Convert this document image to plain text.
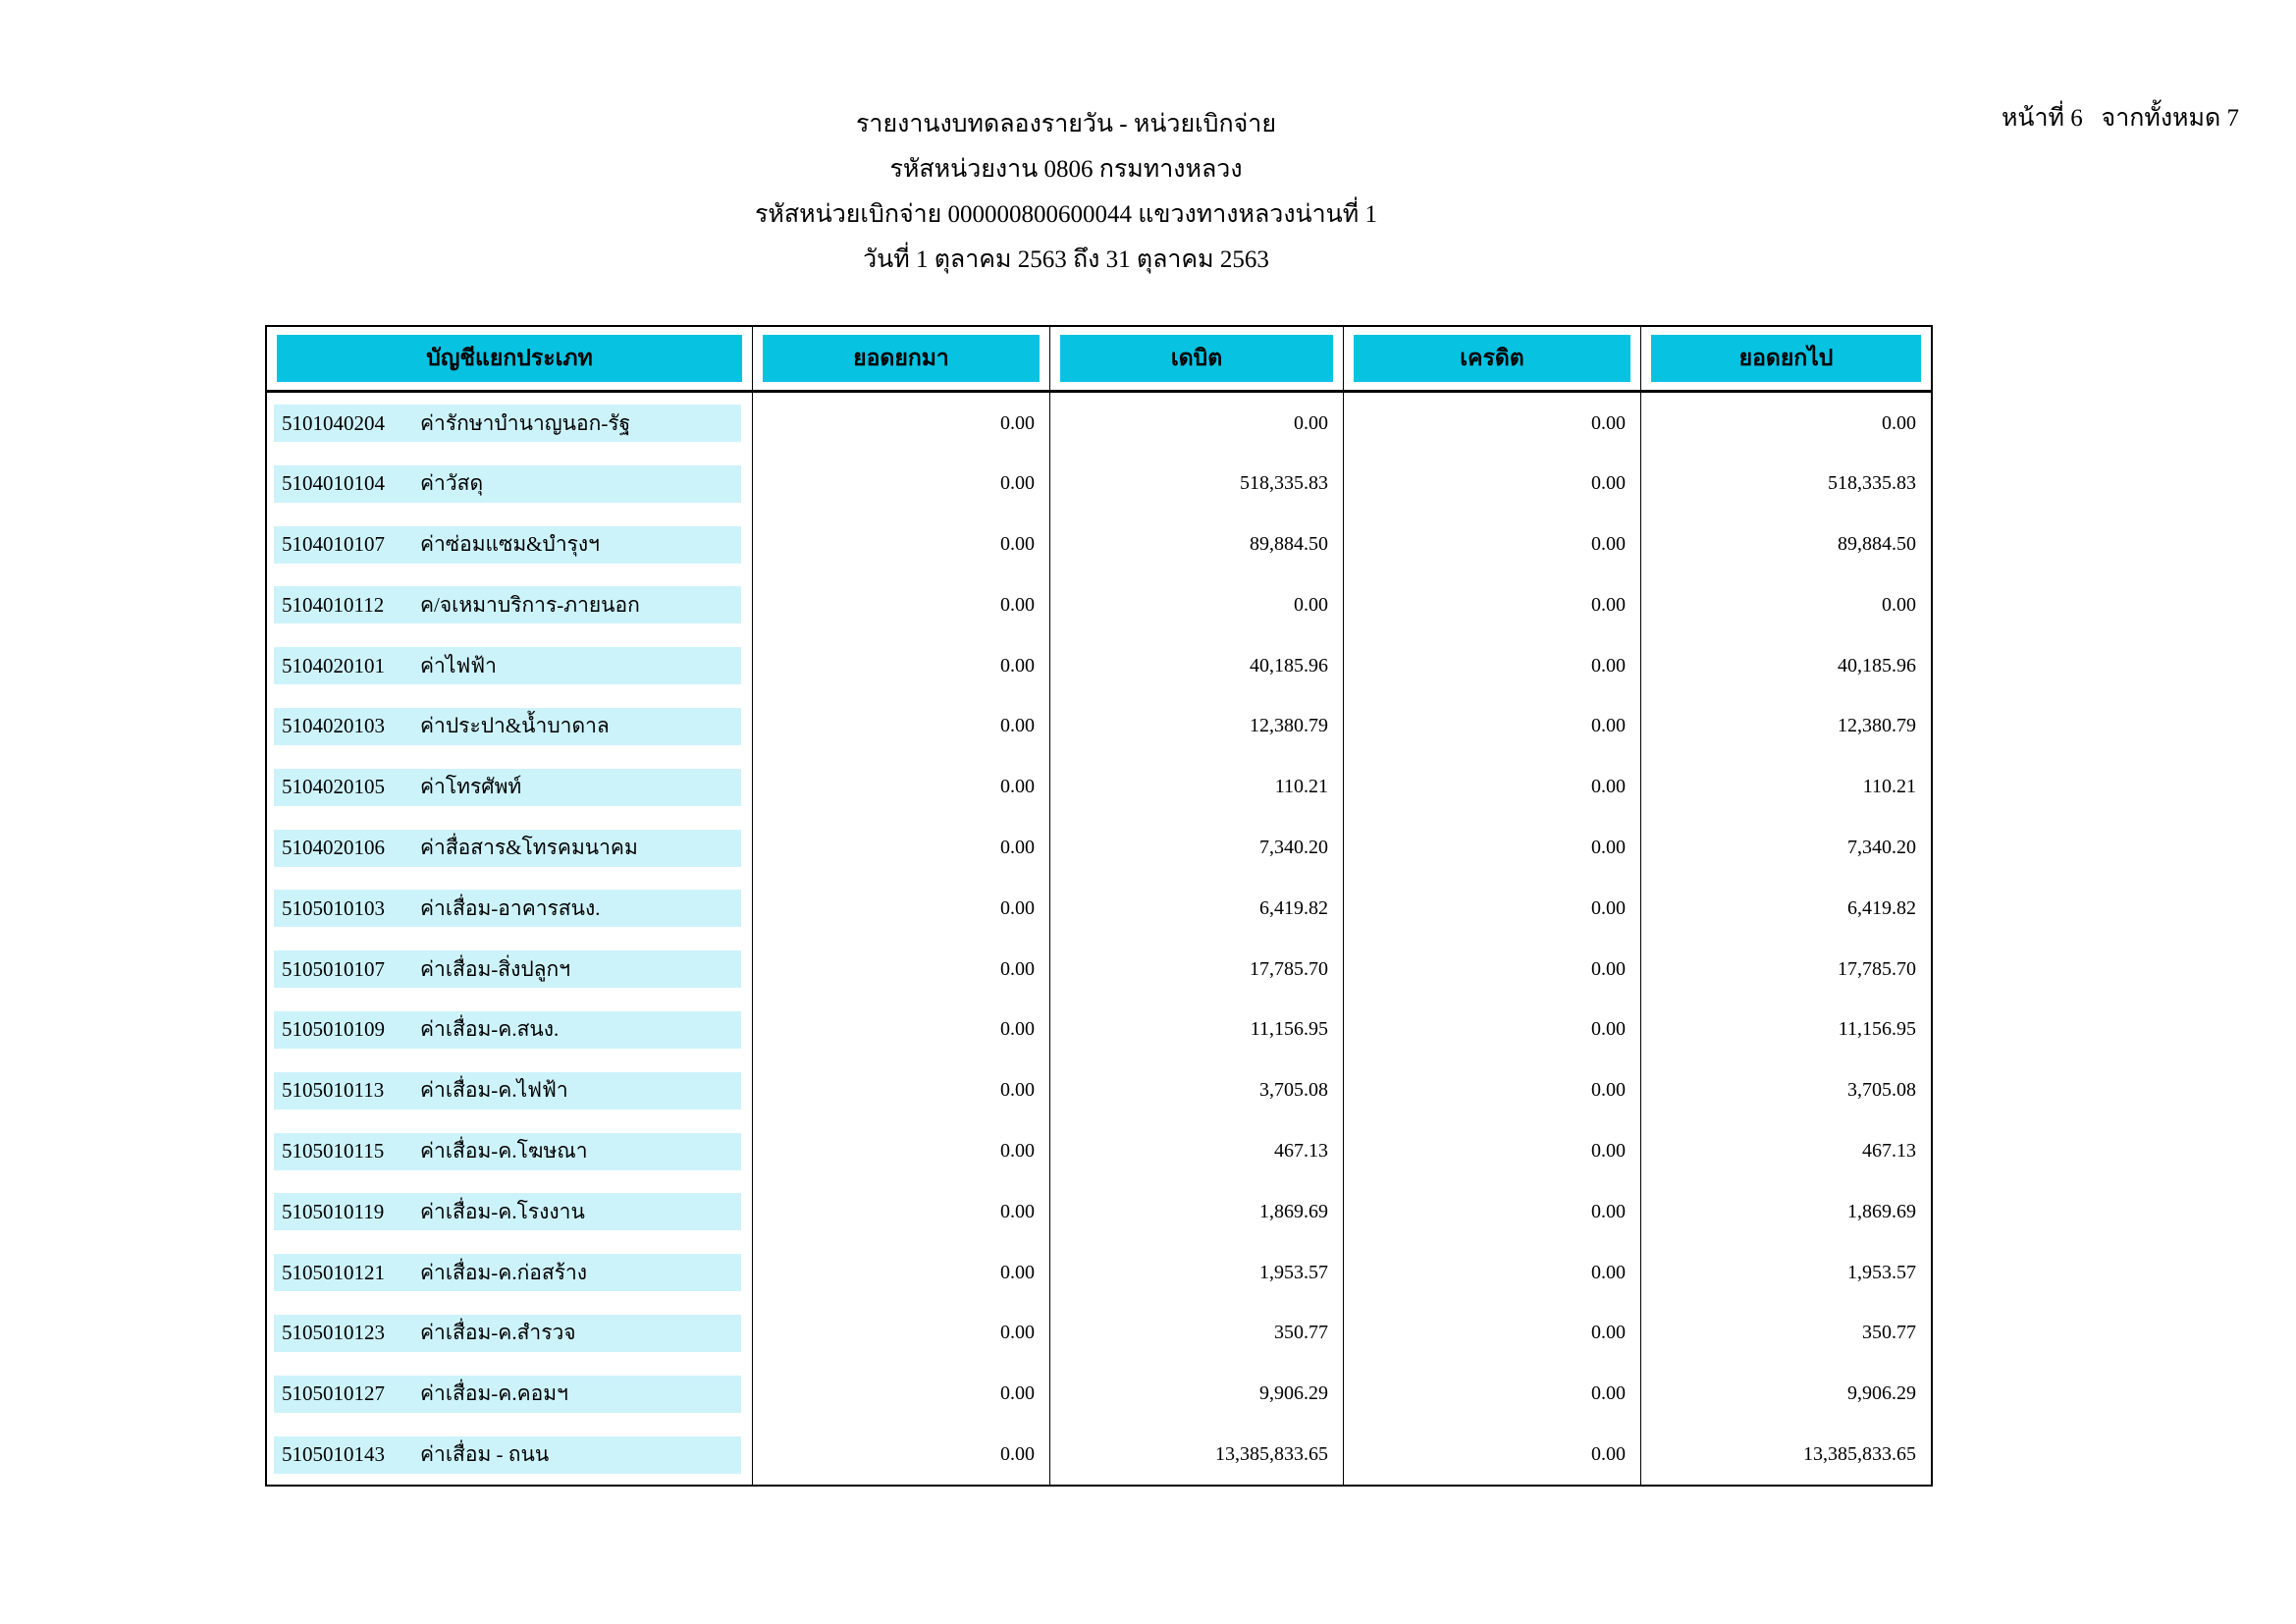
หน้าที่ 6   จากทั้งหมด 7
รายงานงบทดลองรายวัน - หน่วยเบิกจ่าย
รหัสหน่วยงาน 0806 กรมทางหลวง
รหัสหน่วยเบิกจ่าย 000000800600044 แขวงทางหลวงน่านที่ 1
วันที่ 1 ตุลาคม 2563 ถึง 31 ตุลาคม 2563
บัญชีแยกประเภท	ยอดยกมา	เดบิต	เครดิต	ยอดยกไป
5101040204	ค่ารักษาบำนาญนอก-รัฐ	0.00	0.00	0.00	0.00
5104010104	ค่าวัสดุ	0.00	518,335.83	0.00	518,335.83
5104010107	ค่าซ่อมแซม&บำรุงฯ	0.00	89,884.50	0.00	89,884.50
5104010112	ค/จเหมาบริการ-ภายนอก	0.00	0.00	0.00	0.00
5104020101	ค่าไฟฟ้า	0.00	40,185.96	0.00	40,185.96
5104020103	ค่าประปา&น้ำบาดาล	0.00	12,380.79	0.00	12,380.79
5104020105	ค่าโทรศัพท์	0.00	110.21	0.00	110.21
5104020106	ค่าสื่อสาร&โทรคมนาคม	0.00	7,340.20	0.00	7,340.20
5105010103	ค่าเสื่อม-อาคารสนง.	0.00	6,419.82	0.00	6,419.82
5105010107	ค่าเสื่อม-สิ่งปลูกฯ	0.00	17,785.70	0.00	17,785.70
5105010109	ค่าเสื่อม-ค.สนง.	0.00	11,156.95	0.00	11,156.95
5105010113	ค่าเสื่อม-ค.ไฟฟ้า	0.00	3,705.08	0.00	3,705.08
5105010115	ค่าเสื่อม-ค.โฆษณา	0.00	467.13	0.00	467.13
5105010119	ค่าเสื่อม-ค.โรงงาน	0.00	1,869.69	0.00	1,869.69
5105010121	ค่าเสื่อม-ค.ก่อสร้าง	0.00	1,953.57	0.00	1,953.57
5105010123	ค่าเสื่อม-ค.สำรวจ	0.00	350.77	0.00	350.77
5105010127	ค่าเสื่อม-ค.คอมฯ	0.00	9,906.29	0.00	9,906.29
5105010143	ค่าเสื่อม - ถนน	0.00	13,385,833.65	0.00	13,385,833.65
